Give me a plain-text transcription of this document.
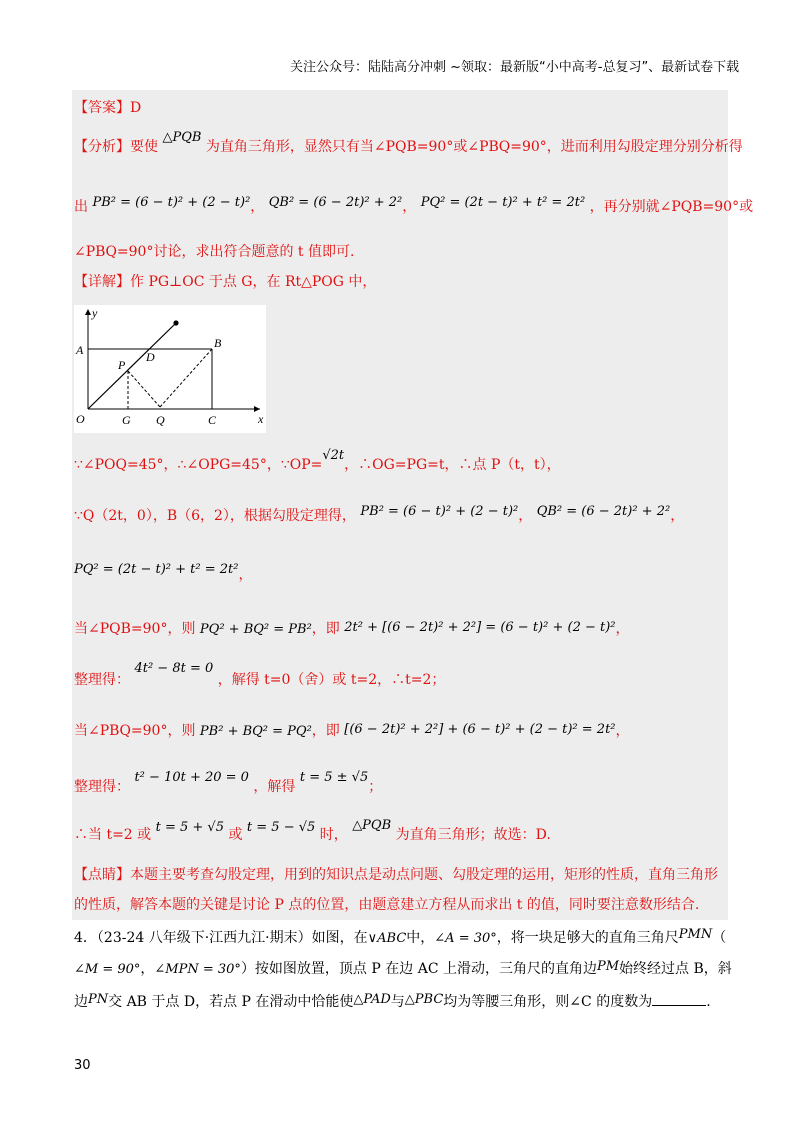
关注公众号：陆陆高分冲刺 ~领取：最新版“小中高考-总复习”、最新试卷下载
【答案】D
【分析】要使 △PQB 为直角三角形，显然只有当∠PQB=90°或∠PBQ=90°，进而利用勾股定理分别分析得
出 PB² = (6 − t)² + (2 − t)²， QB² = (6 − 2t)² + 2²， PQ² = (2t − t)² + t² = 2t² ，再分别就∠PQB=90°或
∠PBQ=90°讨论，求出符合题意的 t 值即可.
【详解】作 PG⊥OC 于点 G，在 Rt△POG 中，
y
x
O
A	B
C
D
P
G Q
∵∠POQ=45°，∴∠OPG=45°，∵OP=√2t，∴OG=PG=t，∴点 P（t，t），
∵Q（2t，0），B（6，2），根据勾股定理得， PB² = (6 − t)² + (2 − t)²， QB² = (6 − 2t)² + 2²，
PQ² = (2t − t)² + t² = 2t²，
当∠PQB=90°，则 PQ² + BQ² = PB²，即 2t² + [(6 − 2t)² + 2²] = (6 − t)² + (2 − t)²，
整理得： 4t² − 8t = 0 ，解得 t=0（舍）或 t=2，∴t=2；
当∠PBQ=90°，则 PB² + BQ² = PQ²，即 [(6 − 2t)² + 2²] + (6 − t)² + (2 − t)² = 2t²，
整理得： t² − 10t + 20 = 0 ，解得 t = 5 ± √5；
∴当 t=2 或 t = 5 + √5 或 t = 5 − √5 时， △PQB 为直角三角形；故选：D.
【点睛】本题主要考查勾股定理，用到的知识点是动点问题、勾股定理的运用，矩形的性质，直角三角形
的性质，解答本题的关键是讨论 P 点的位置，由题意建立方程从而求出 t 的值，同时要注意数形结合.
4．（23-24 八年级下·江西九江·期末）如图，在∨ABC中，∠A = 30°，将一块足够大的直角三角尺PMN（
∠M = 90°，∠MPN = 30°）按如图放置，顶点 P 在边 AC 上滑动，三角尺的直角边PM始终经过点 B，斜
边PN交 AB 于点 D，若点 P 在滑动中恰能使△PAD与△PBC均为等腰三角形，则∠C 的度数为	.
30
